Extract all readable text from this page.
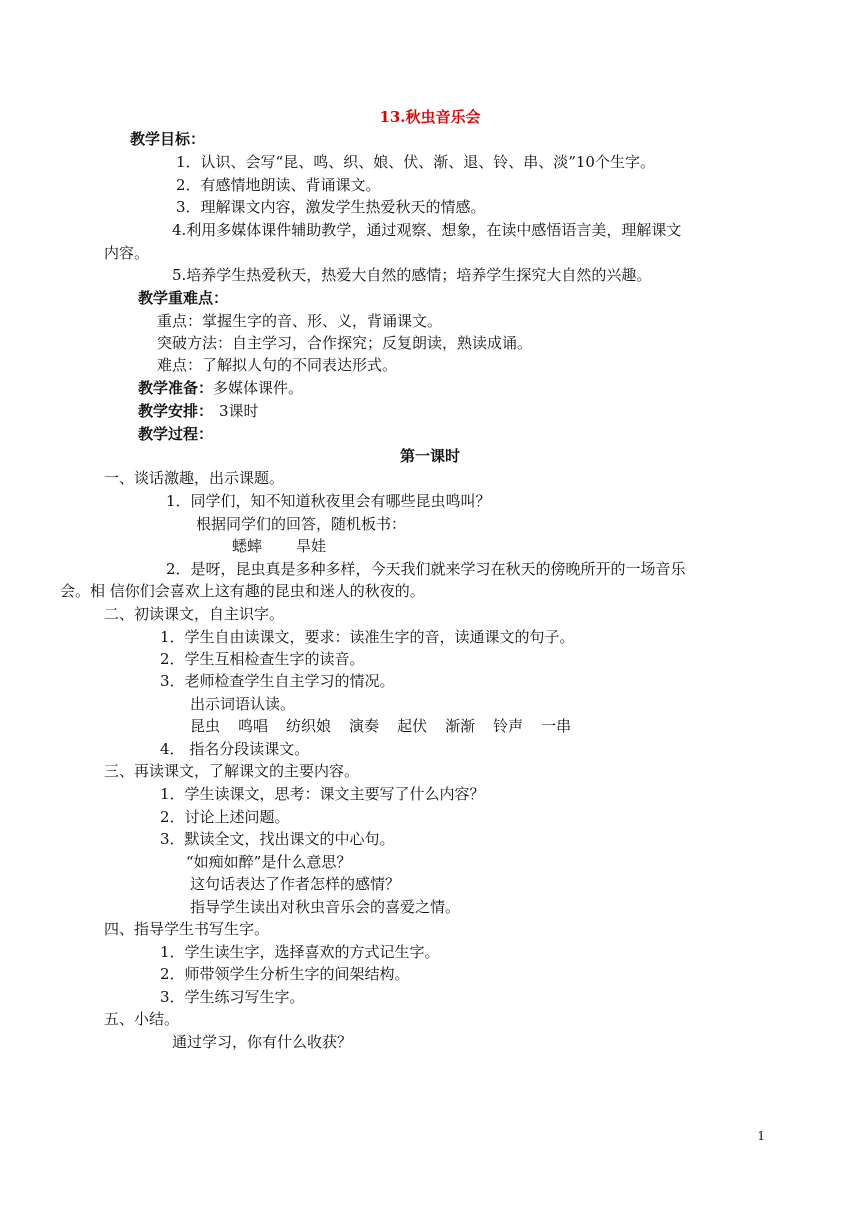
13.秋虫音乐会

教学目标：

1．认识、会写“昆、鸣、织、娘、伏、渐、退、铃、串、淡”10个生字。

2．有感情地朗读、背诵课文。

3．理解课文内容，激发学生热爱秋天的情感。

4.利用多媒体课件辅助教学，通过观察、想象，在读中感悟语言美，理解课文

内容。

5.培养学生热爱秋天，热爱大自然的感情；培养学生探究大自然的兴趣。

教学重难点：

重点：掌握生字的音、形、义，背诵课文。

突破方法：自主学习，合作探究；反复朗读，熟读成诵。

难点：了解拟人句的不同表达形式。

教学准备：多媒体课件。

教学安排： 3课时

教学过程：

第一课时

一、谈话激趣，出示课题。

1．同学们，知不知道秋夜里会有哪些昆虫鸣叫？

根据同学们的回答，随机板书：

蟋蟀 旱娃

2．是呀，昆虫真是多种多样，今天我们就来学习在秋天的傍晚所开的一场音乐

会。相 信你们会喜欢上这有趣的昆虫和迷人的秋夜的。

二、初读课文，自主识字。

1．学生自由读课文，要求：读准生字的音，读通课文的句子。

2．学生互相检查生字的读音。

3．老师检查学生自主学习的情况。

出示词语认读。

昆虫 鸣唱 纺织娘 演奏 起伏 渐渐 铃声 一串

4． 指名分段读课文。

三、再读课文，了解课文的主要内容。

1．学生读课文，思考：课文主要写了什么内容？

2．讨论上述问题。

3．默读全文，找出课文的中心句。

“如痴如醉”是什么意思？

这句话表达了作者怎样的感情？

指导学生读出对秋虫音乐会的喜爱之情。

四、指导学生书写生字。

1．学生读生字，选择喜欢的方式记生字。

2．师带领学生分析生字的间架结构。

3．学生练习写生字。

五、小结。

通过学习，你有什么收获？

1
